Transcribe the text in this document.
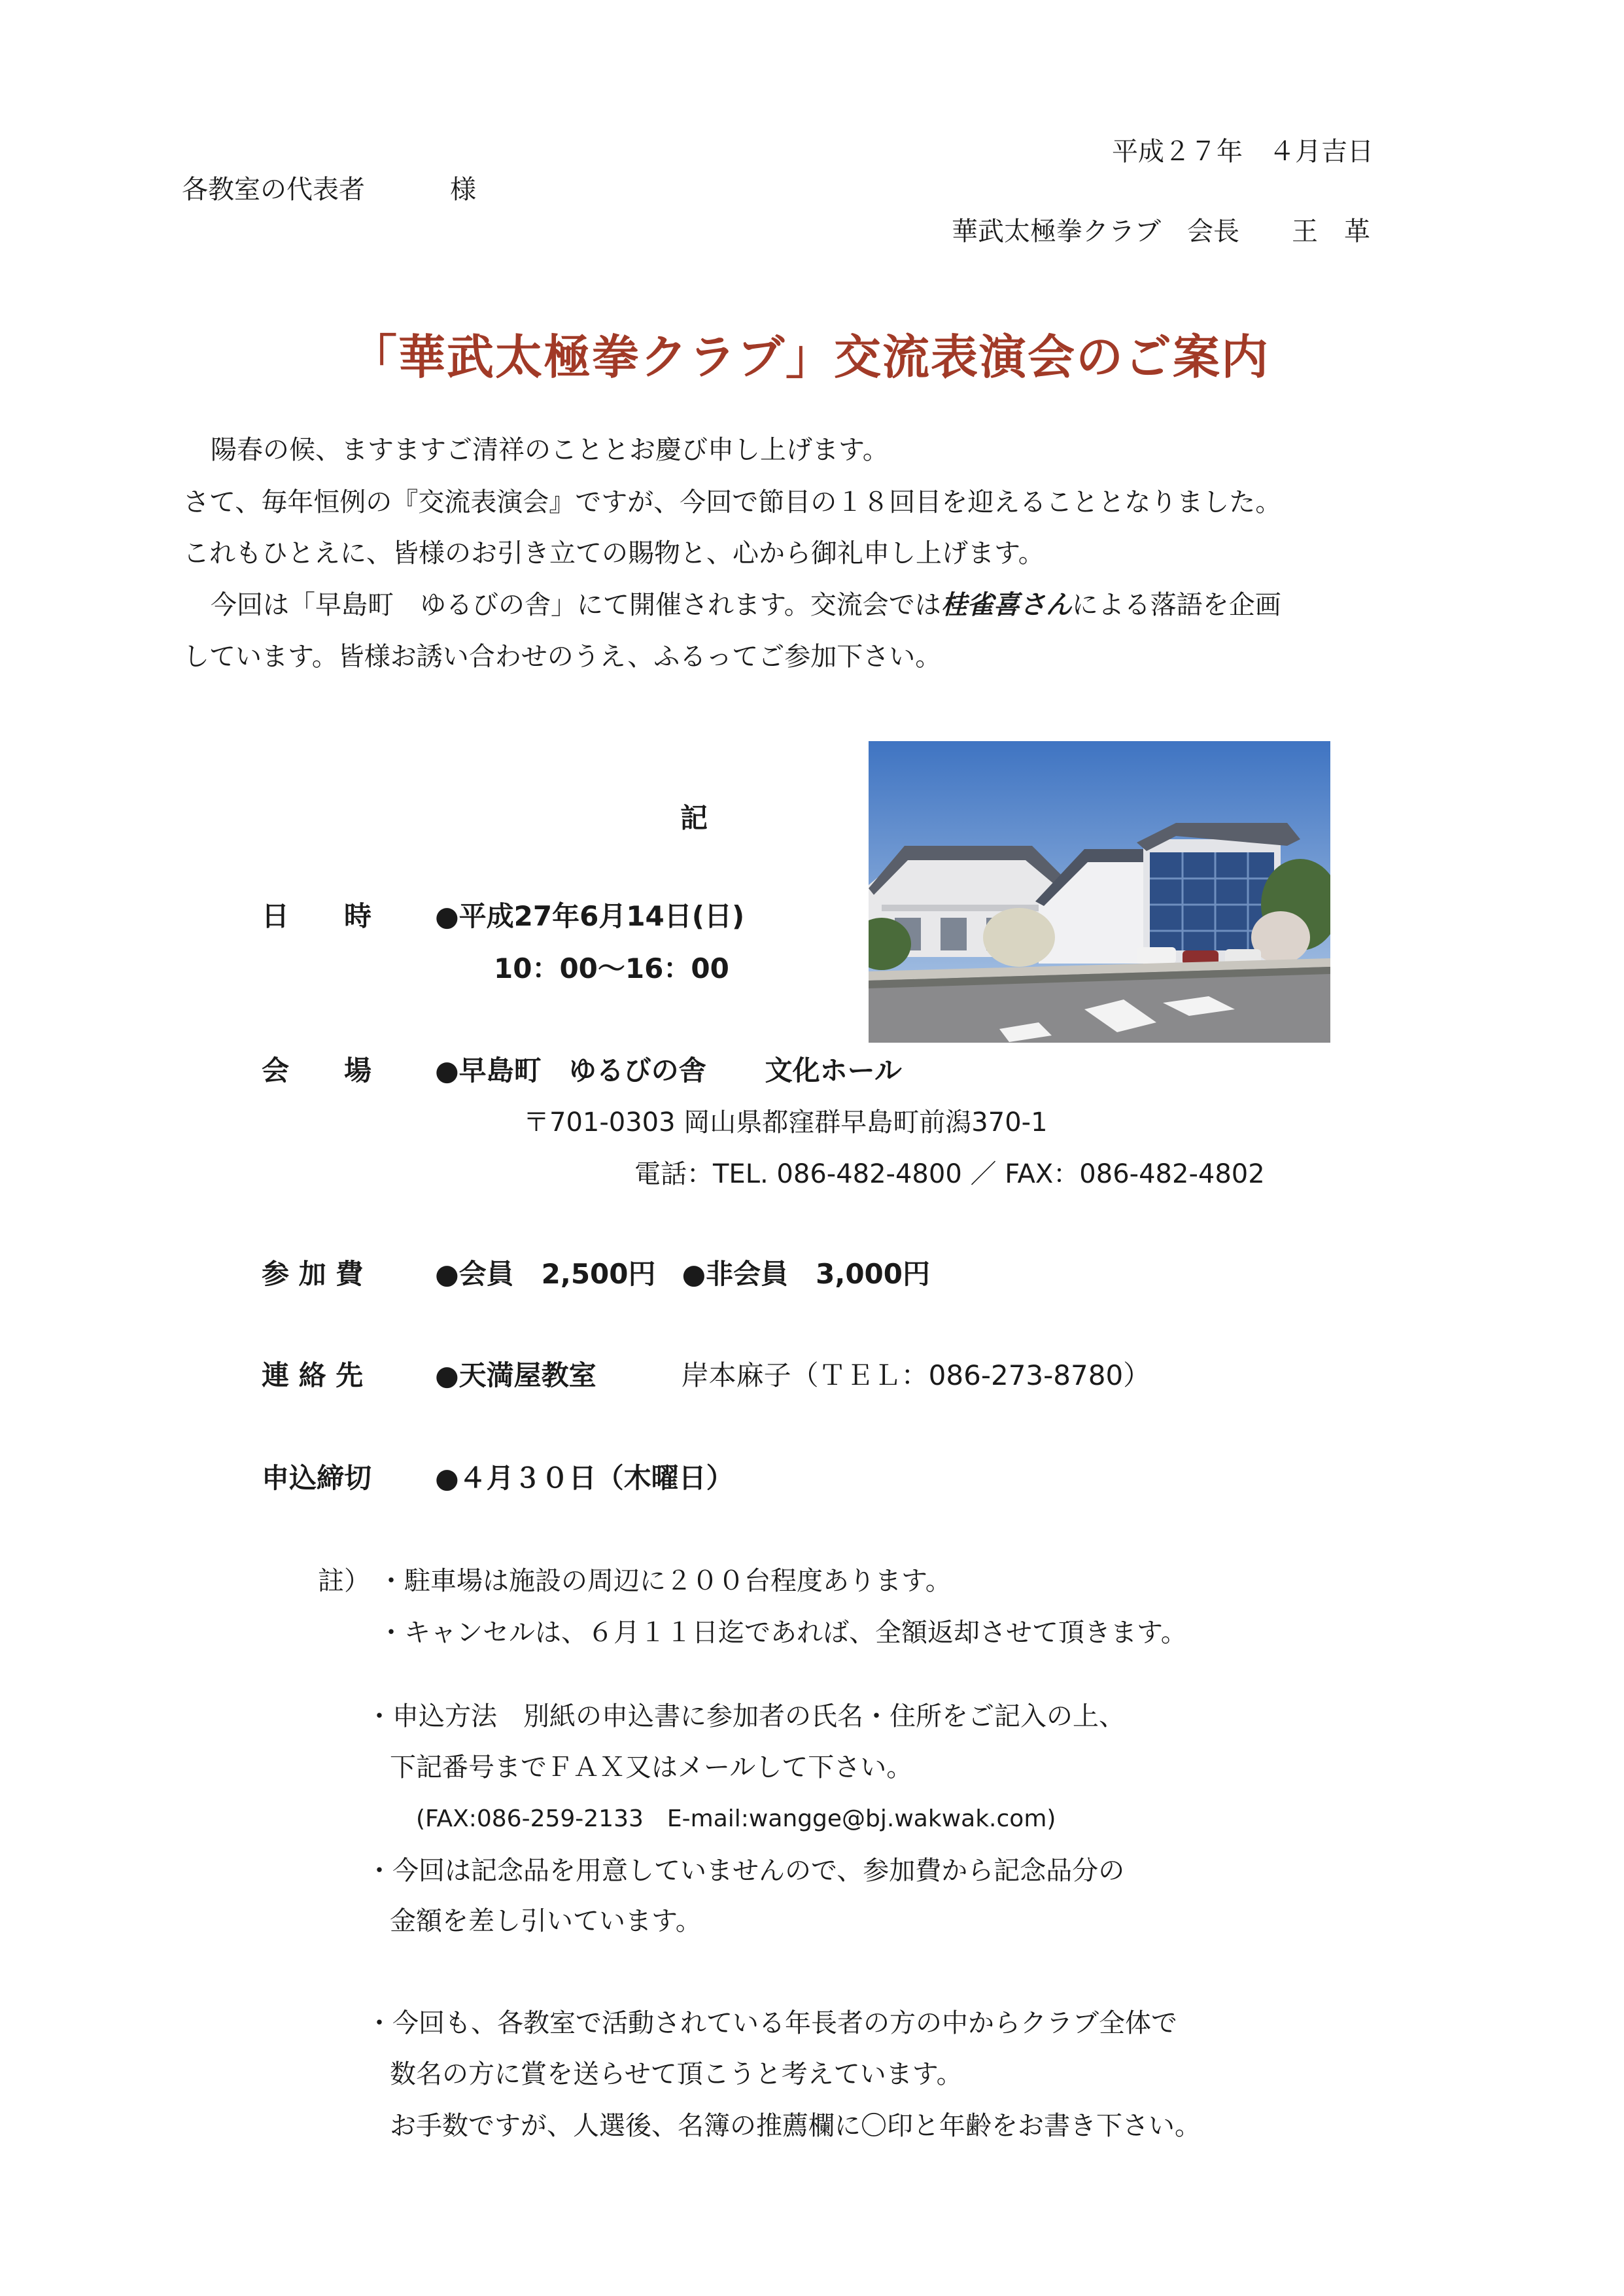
平成２７年　４月吉日
各教室の代表者	様
華武太極拳クラブ　会長　　王　革
「華武太極拳クラブ」交流表演会のご案内
陽春の候、ますますご清祥のこととお慶び申し上げます。
さて、毎年恒例の『交流表演会』ですが、今回で節目の１８回目を迎えることとなりました。
これもひとえに、皆様のお引き立ての賜物と、心から御礼申し上げます。
今回は「早島町　ゆるびの舎」にて開催されます。交流会では桂雀喜さんによる落語を企画
しています。皆様お誘い合わせのうえ、ふるってご参加下さい。
記
日　　時 ●平成27年6月14日(日)
10：00～16：00
会　　場 ●早島町　ゆるびの舎 文化ホール
〒701-0303 岡山県都窪群早島町前潟370-1
電話：TEL. 086-482-4800 ／ FAX：086-482-4802
参 加 費	●会員　2,500円 ●非会員　3,000円
連 絡 先	●天満屋教室	岸本麻子（ＴＥＬ：086-273-8780）
申込締切 ●４月３０日（木曜日）
註） ・駐車場は施設の周辺に２００台程度あります。
・キャンセルは、６月１１日迄であれば、全額返却させて頂きます。
・申込方法　別紙の申込書に参加者の氏名・住所をご記入の上、
下記番号までＦＡＸ又はメールして下さい。
(FAX:086-259-2133　E-mail:wangge@bj.wakwak.com)
・今回は記念品を用意していませんので、参加費から記念品分の
金額を差し引いています。
・今回も、各教室で活動されている年長者の方の中からクラブ全体で
数名の方に賞を送らせて頂こうと考えています。
お手数ですが、人選後、名簿の推薦欄に〇印と年齢をお書き下さい。
